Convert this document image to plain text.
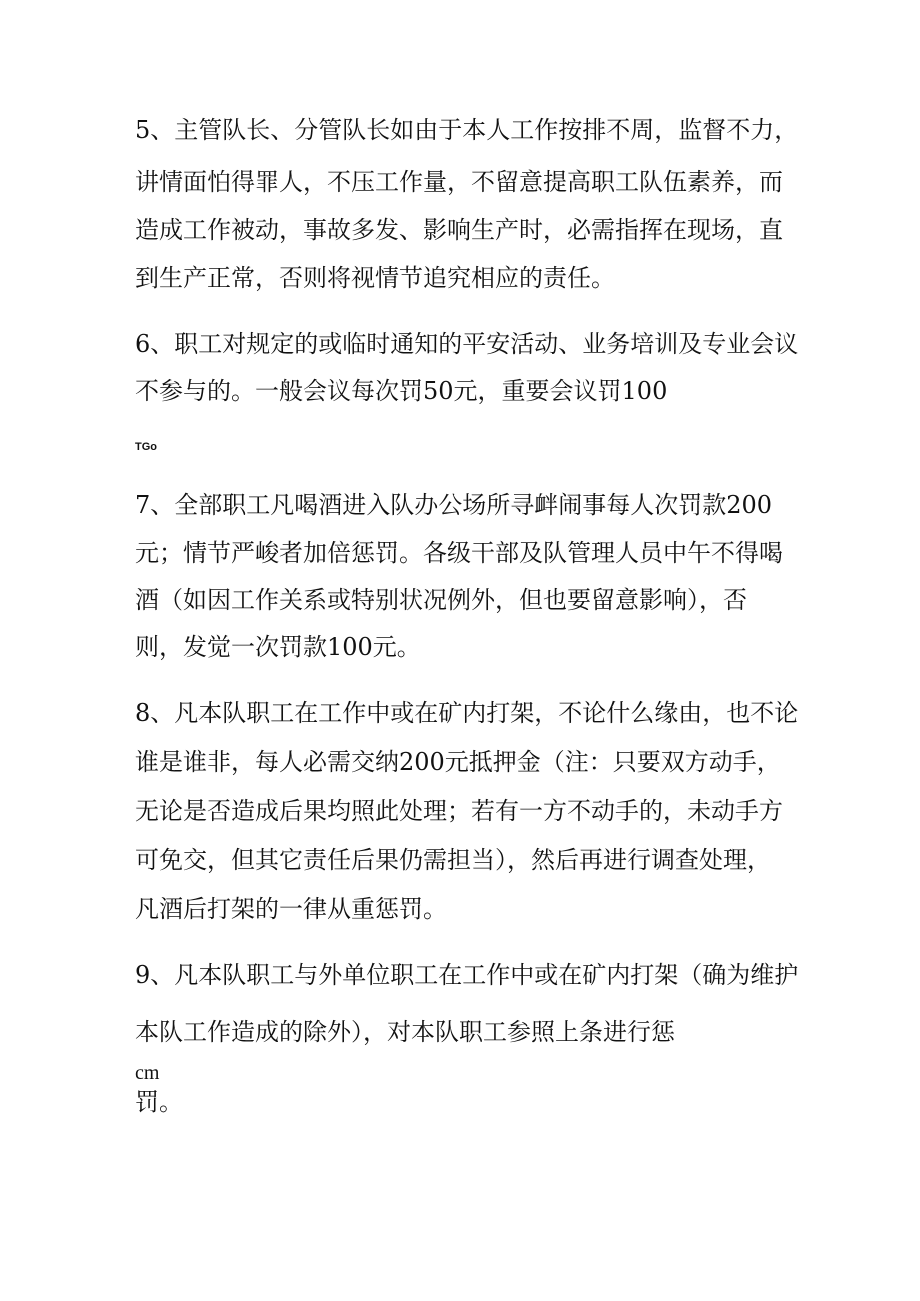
5、主管队长、分管队长如由于本人工作按排不周，监督不力，

讲情面怕得罪人，不压工作量，不留意提高职工队伍素养，而

造成工作被动，事故多发、影响生产时，必需指挥在现场，直

到生产正常，否则将视情节追究相应的责任。

6、职工对规定的或临时通知的平安活动、业务培训及专业会议

不参与的。一般会议每次罚50元，重要会议罚100

TGo

7、全部职工凡喝酒进入队办公场所寻衅闹事每人次罚款200

元；情节严峻者加倍惩罚。各级干部及队管理人员中午不得喝

酒（如因工作关系或特别状况例外，但也要留意影响），否

则，发觉一次罚款100元。

8、凡本队职工在工作中或在矿内打架，不论什么缘由，也不论

谁是谁非，每人必需交纳200元抵押金（注：只要双方动手，

无论是否造成后果均照此处理；若有一方不动手的，未动手方

可免交，但其它责任后果仍需担当），然后再进行调查处理，

凡酒后打架的一律从重惩罚。

9、凡本队职工与外单位职工在工作中或在矿内打架（确为维护

本队工作造成的除外），对本队职工参照上条进行惩

cm

罚。
